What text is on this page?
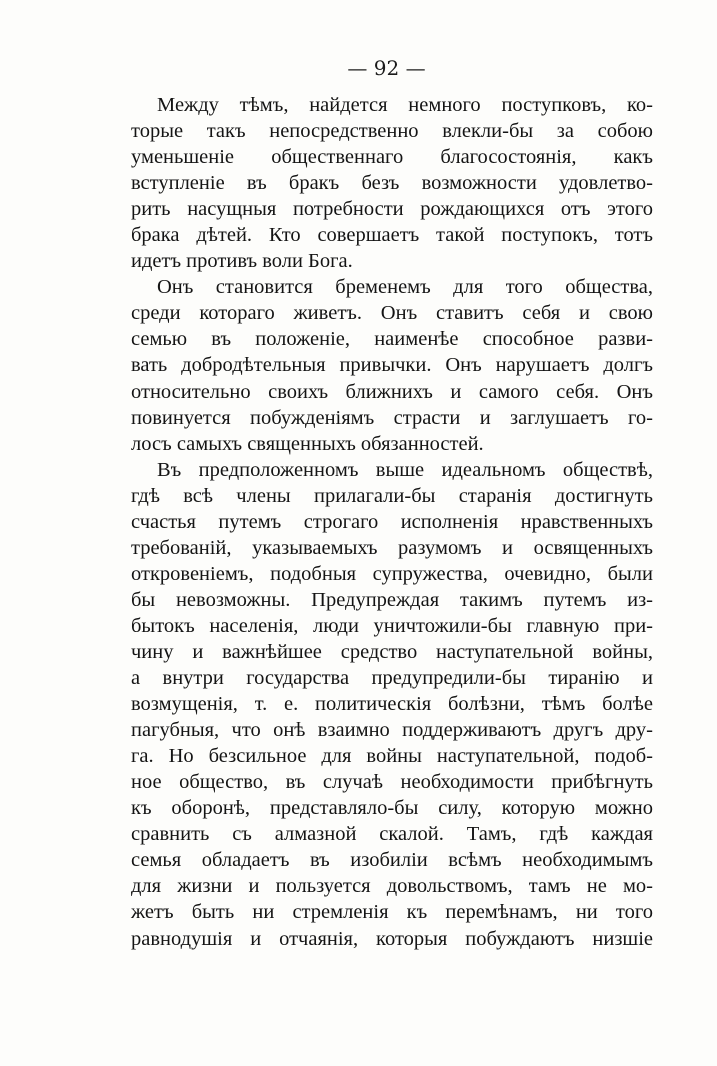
— 92 —
Между тѣмъ, найдется немного поступковъ, ко-
торые такъ непосредственно влекли-бы за собою
уменьшеніе общественнаго благосостоянія, какъ
вступленіе въ бракъ безъ возможности удовлетво-
рить насущныя потребности рождающихся отъ этого
брака дѣтей. Кто совершаетъ такой поступокъ, тотъ
идетъ противъ воли Бога.
Онъ становится бременемъ для того общества,
среди котораго живетъ. Онъ ставитъ себя и свою
семью въ положеніе, наименѣе способное разви-
вать добродѣтельныя привычки. Онъ нарушаетъ долгъ
относительно своихъ ближнихъ и самого себя. Онъ
повинуется побужденіямъ страсти и заглушаетъ го-
лосъ самыхъ священныхъ обязанностей.
Въ предположенномъ выше идеальномъ обществѣ,
гдѣ всѣ члены прилагали-бы старанія достигнуть
счастья путемъ строгаго исполненія нравственныхъ
требованій, указываемыхъ разумомъ и освященныхъ
откровеніемъ, подобныя супружества, очевидно, были
бы невозможны. Предупреждая такимъ путемъ из-
бытокъ населенія, люди уничтожили-бы главную при-
чину и важнѣйшее средство наступательной войны,
а внутри государства предупредили-бы тиранію и
возмущенія, т. е. политическія болѣзни, тѣмъ болѣе
пагубныя, что онѣ взаимно поддерживаютъ другъ дру-
га. Но безсильное для войны наступательной, подоб-
ное общество, въ случаѣ необходимости прибѣгнуть
къ оборонѣ, представляло-бы силу, которую можно
сравнить съ алмазной скалой. Тамъ, гдѣ каждая
семья обладаетъ въ изобиліи всѣмъ необходимымъ
для жизни и пользуется довольствомъ, тамъ не мо-
жетъ быть ни стремленія къ перемѣнамъ, ни того
равнодушія и отчаянія, которыя побуждаютъ низшіе
